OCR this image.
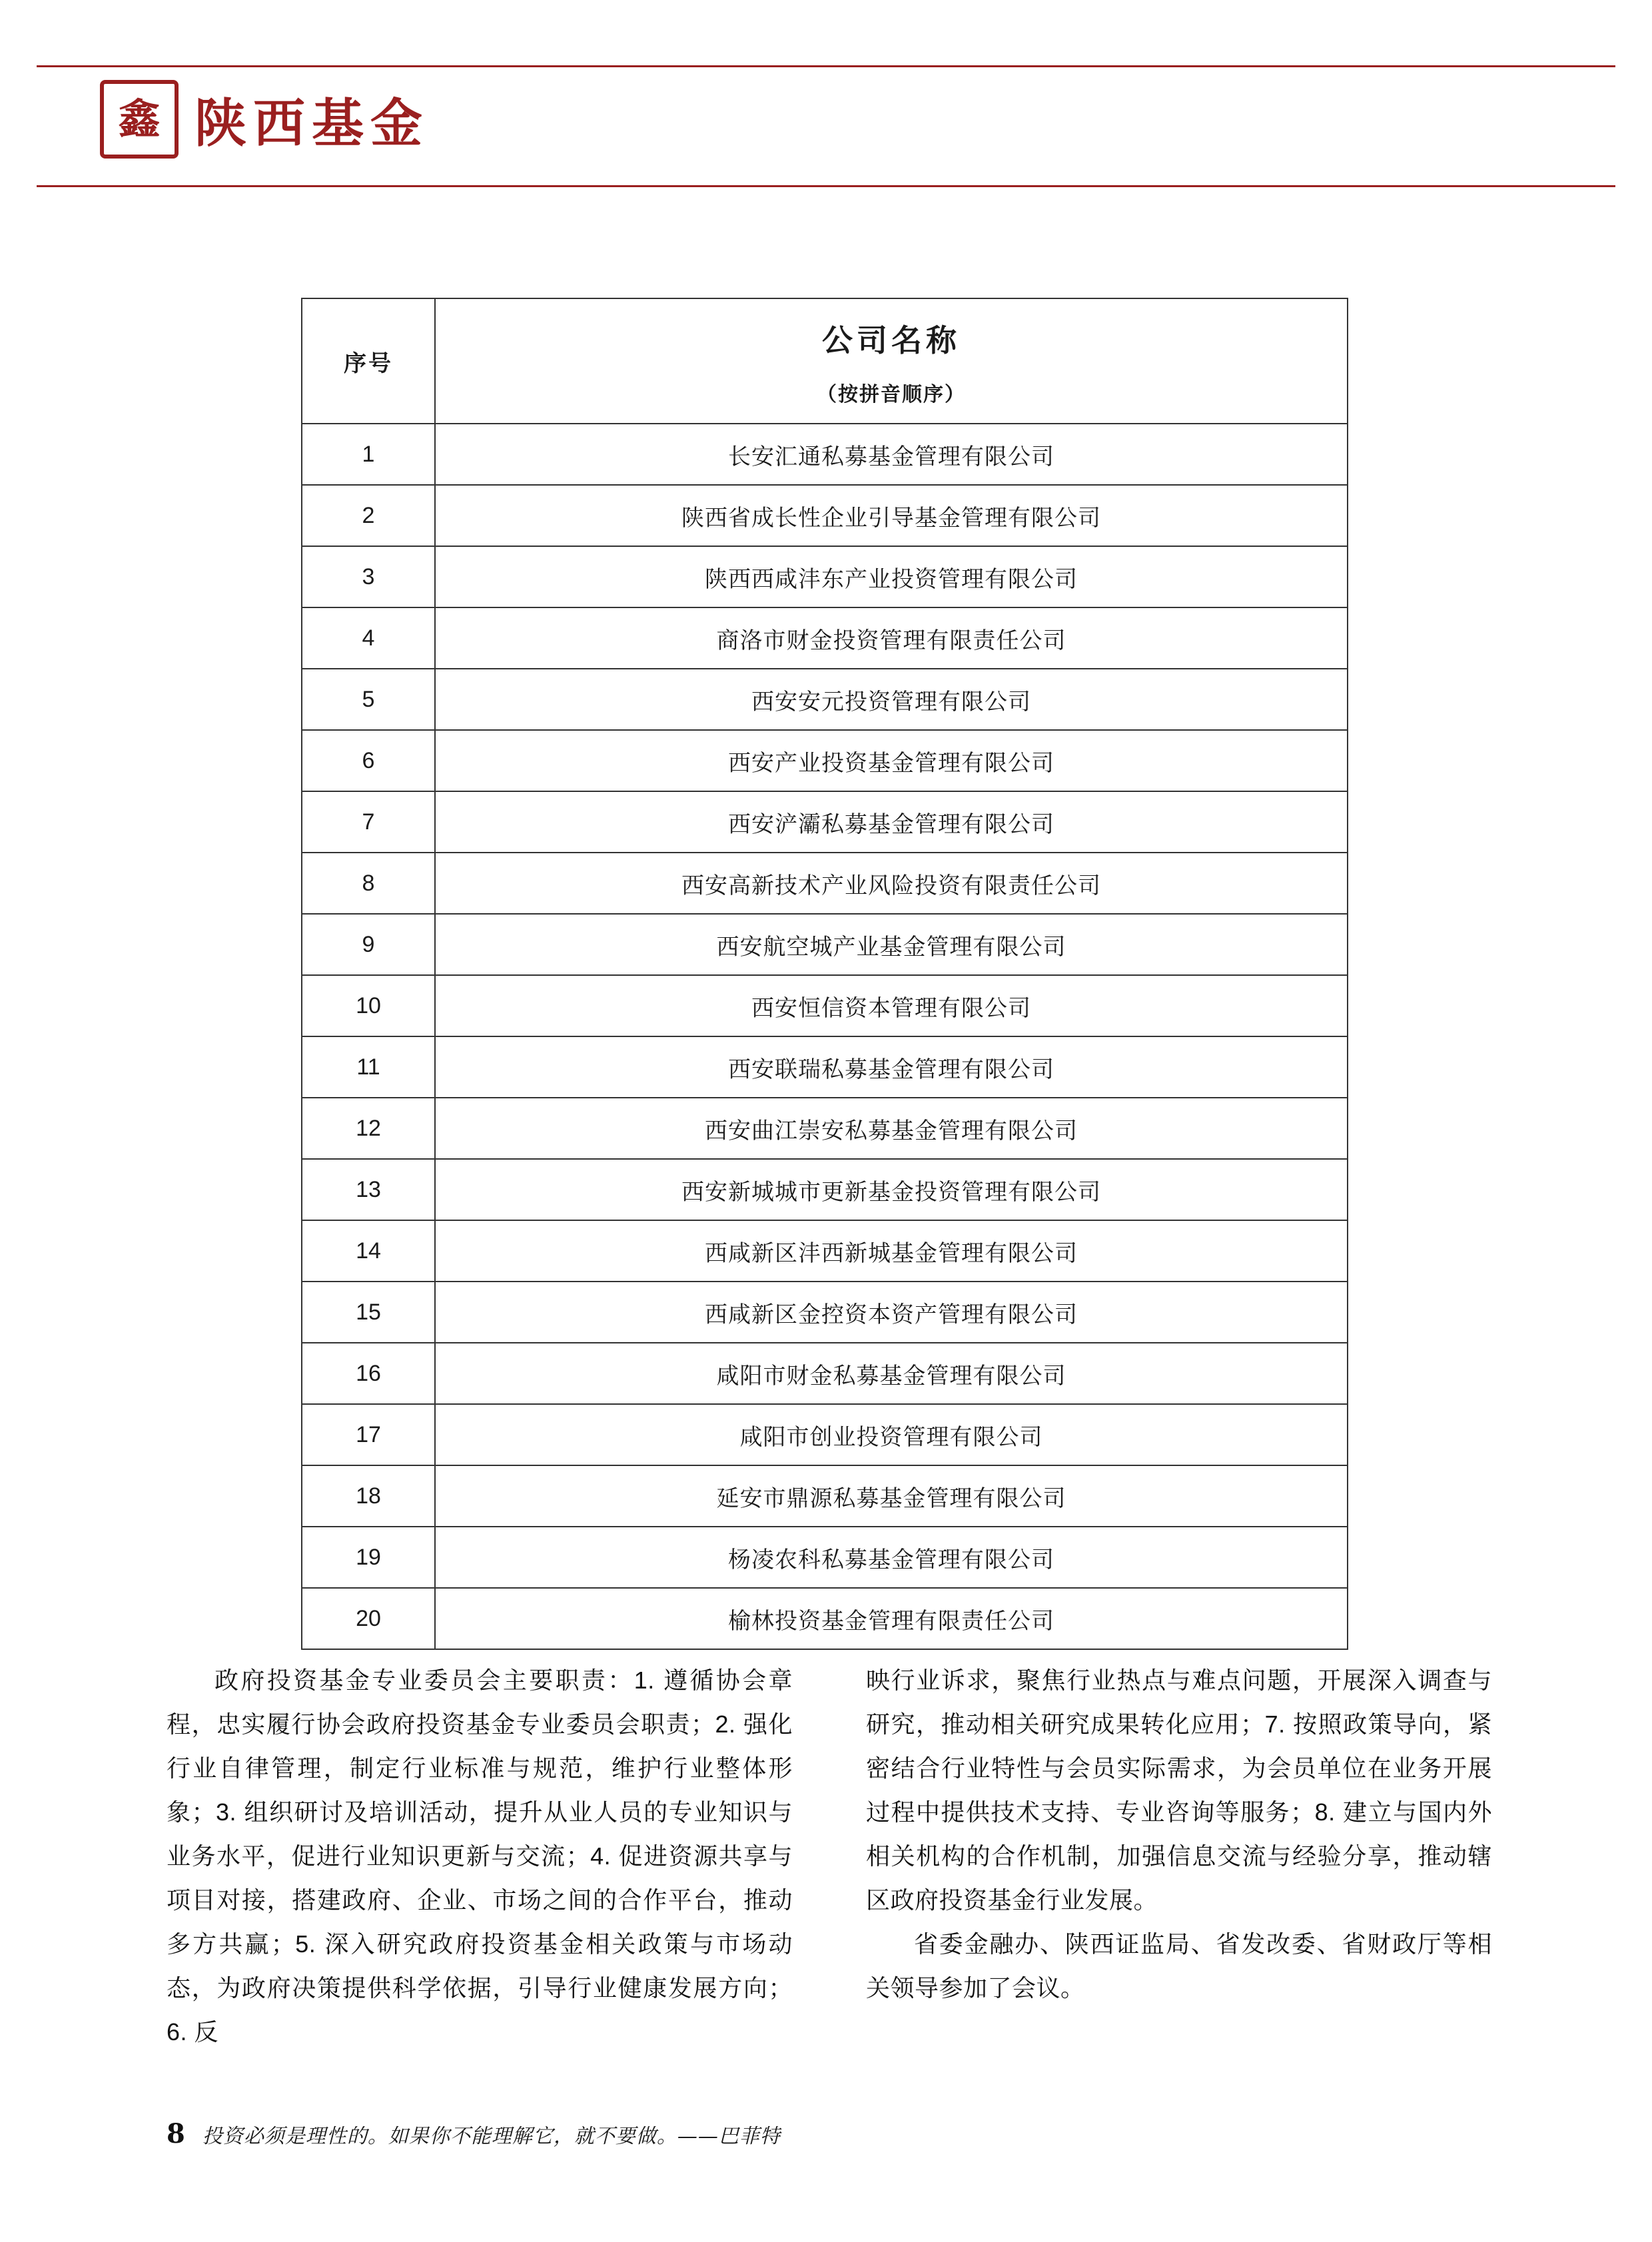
鑫 陕西基金
序号	公司名称
（按拼音顺序）

1	长安汇通私募基金管理有限公司
2	陕西省成长性企业引导基金管理有限公司
3	陕西西咸沣东产业投资管理有限公司
4	商洛市财金投资管理有限责任公司
5	西安安元投资管理有限公司
6	西安产业投资基金管理有限公司
7	西安浐灞私募基金管理有限公司
8	西安高新技术产业风险投资有限责任公司
9	西安航空城产业基金管理有限公司
10	西安恒信资本管理有限公司
11	西安联瑞私募基金管理有限公司
12	西安曲江崇安私募基金管理有限公司
13	西安新城城市更新基金投资管理有限公司
14	西咸新区沣西新城基金管理有限公司
15	西咸新区金控资本资产管理有限公司
16	咸阳市财金私募基金管理有限公司
17	咸阳市创业投资管理有限公司
18	延安市鼎源私募基金管理有限公司
19	杨凌农科私募基金管理有限公司
20	榆林投资基金管理有限责任公司

政府投资基金专业委员会主要职责：1. 遵循协会章程，忠实履行协会政府投资基金专业委员会职责；2. 强化行业自律管理，制定行业标准与规范，维护行业整体形象；3. 组织研讨及培训活动，提升从业人员的专业知识与业务水平，促进行业知识更新与交流；4. 促进资源共享与项目对接，搭建政府、企业、市场之间的合作平台，推动多方共赢；5. 深入研究政府投资基金相关政策与市场动态，为政府决策提供科学依据，引导行业健康发展方向；6. 反

映行业诉求，聚焦行业热点与难点问题，开展深入调查与研究，推动相关研究成果转化应用；7. 按照政策导向，紧密结合行业特性与会员实际需求，为会员单位在业务开展过程中提供技术支持、专业咨询等服务；8. 建立与国内外相关机构的合作机制，加强信息交流与经验分享，推动辖区政府投资基金行业发展。

省委金融办、陕西证监局、省发改委、省财政厅等相关领导参加了会议。

8 投资必须是理性的。如果你不能理解它，就不要做。——巴菲特
